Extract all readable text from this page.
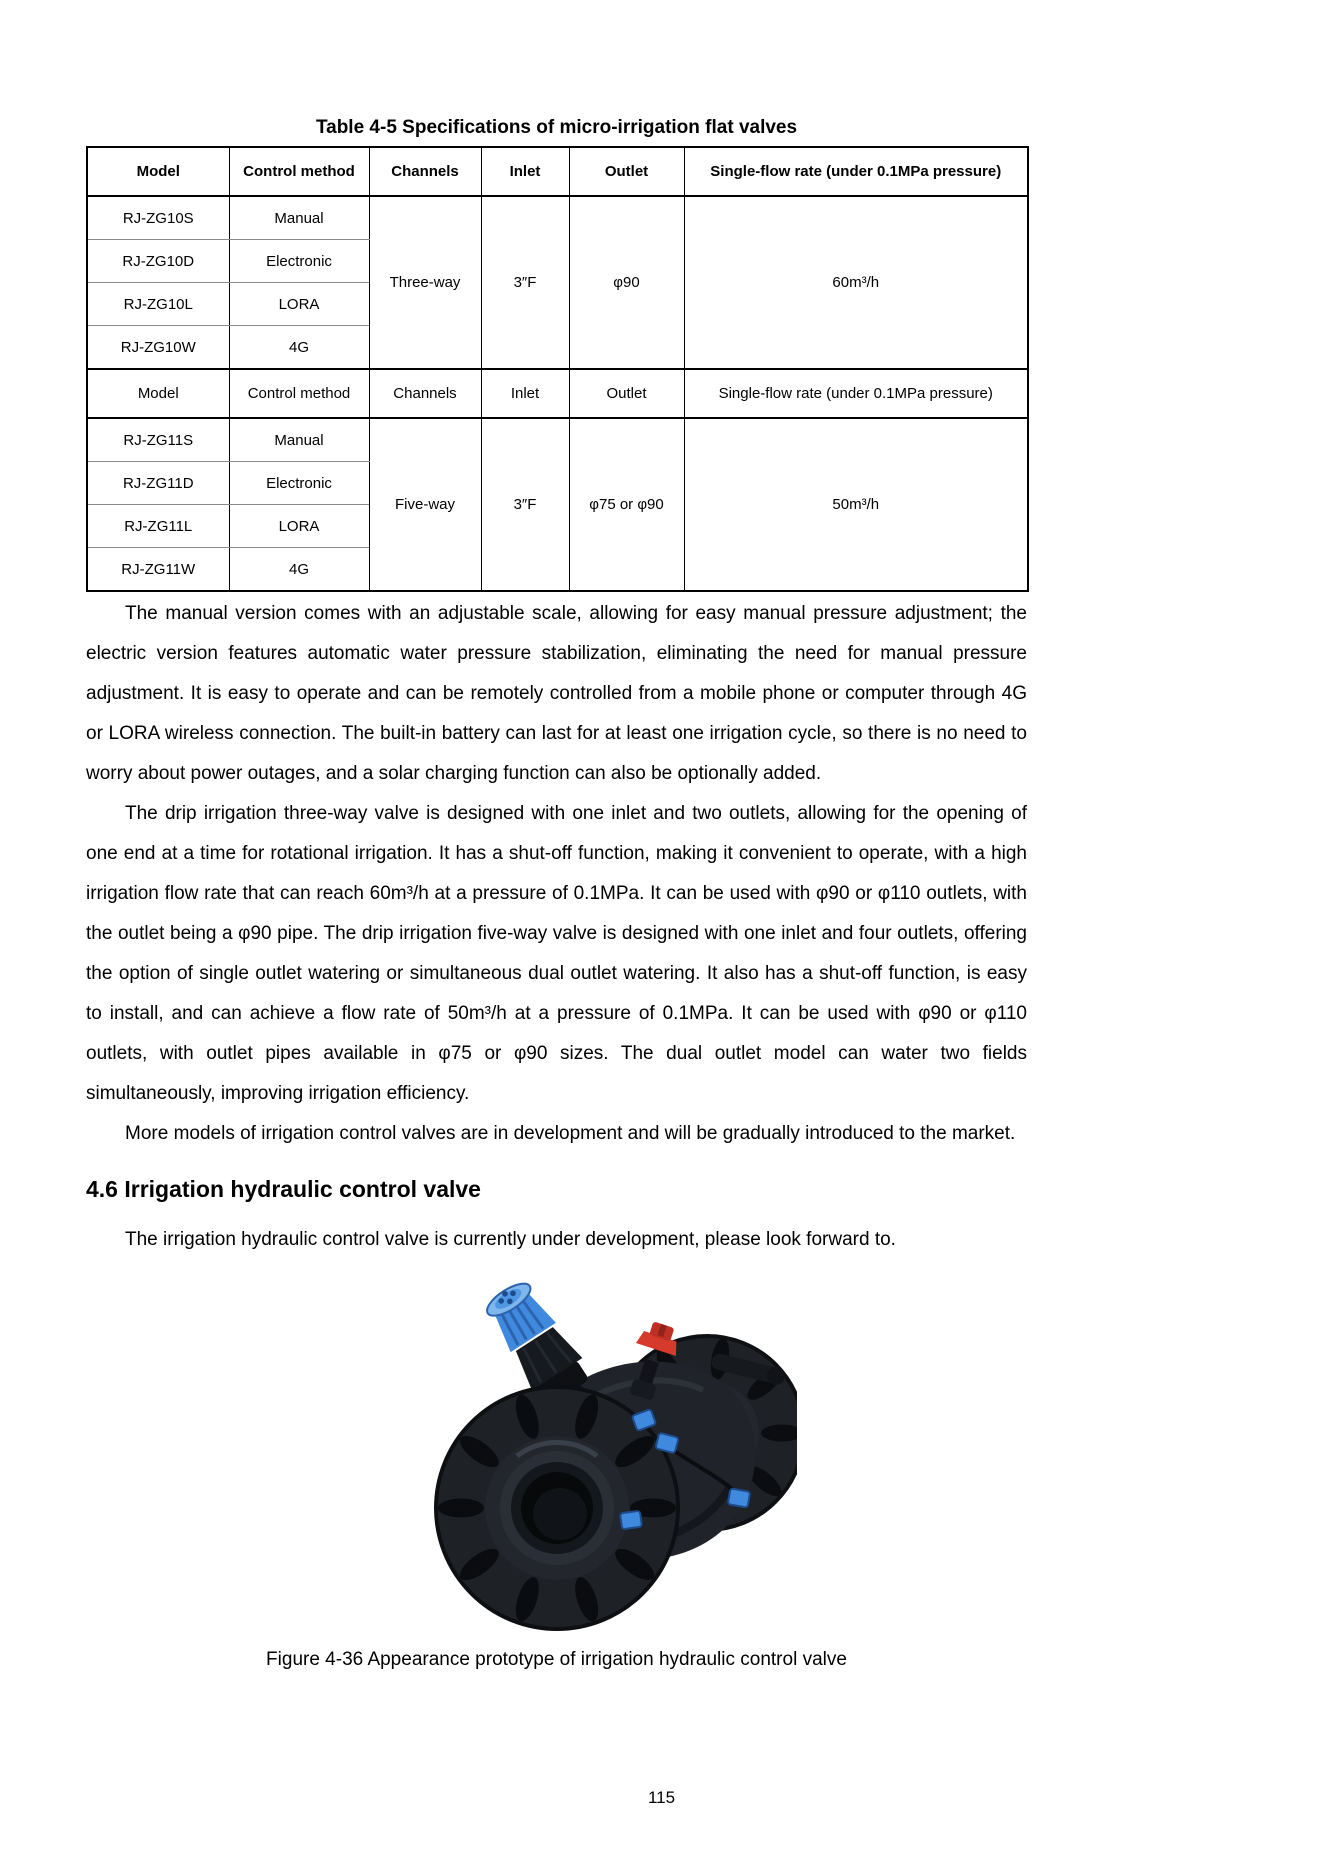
Table 4-5 Specifications of micro-irrigation flat valves
Model	Control method	Channels	Inlet	Outlet	Single-flow rate (under 0.1MPa pressure)
RJ-ZG10S	Manual	Three-way	3″F	φ90	60m³/h
RJ-ZG10D	Electronic				
RJ-ZG10L	LORA				
RJ-ZG10W	4G				
Model	Control method	Channels	Inlet	Outlet	Single-flow rate (under 0.1MPa pressure)
RJ-ZG11S	Manual	Five-way	3″F	φ75 or φ90	50m³/h
RJ-ZG11D	Electronic				
RJ-ZG11L	LORA				
RJ-ZG11W	4G				

The manual version comes with an adjustable scale, allowing for easy manual pressure adjustment; the electric version features automatic water pressure stabilization, eliminating the need for manual pressure adjustment. It is easy to operate and can be remotely controlled from a mobile phone or computer through 4G or LORA wireless connection. The built-in battery can last for at least one irrigation cycle, so there is no need to worry about power outages, and a solar charging function can also be optionally added.

The drip irrigation three-way valve is designed with one inlet and two outlets, allowing for the opening of one end at a time for rotational irrigation. It has a shut-off function, making it convenient to operate, with a high irrigation flow rate that can reach 60m³/h at a pressure of 0.1MPa. It can be used with φ90 or φ110 outlets, with the outlet being a φ90 pipe. The drip irrigation five-way valve is designed with one inlet and four outlets, offering the option of single outlet watering or simultaneous dual outlet watering. It also has a shut-off function, is easy to install, and can achieve a flow rate of 50m³/h at a pressure of 0.1MPa. It can be used with φ90 or φ110 outlets, with outlet pipes available in φ75 or φ90 sizes. The dual outlet model can water two fields simultaneously, improving irrigation efficiency.

More models of irrigation control valves are in development and will be gradually introduced to the market.

4.6 Irrigation hydraulic control valve

The irrigation hydraulic control valve is currently under development, please look forward to.

Figure 4-36 Appearance prototype of irrigation hydraulic control valve
115
